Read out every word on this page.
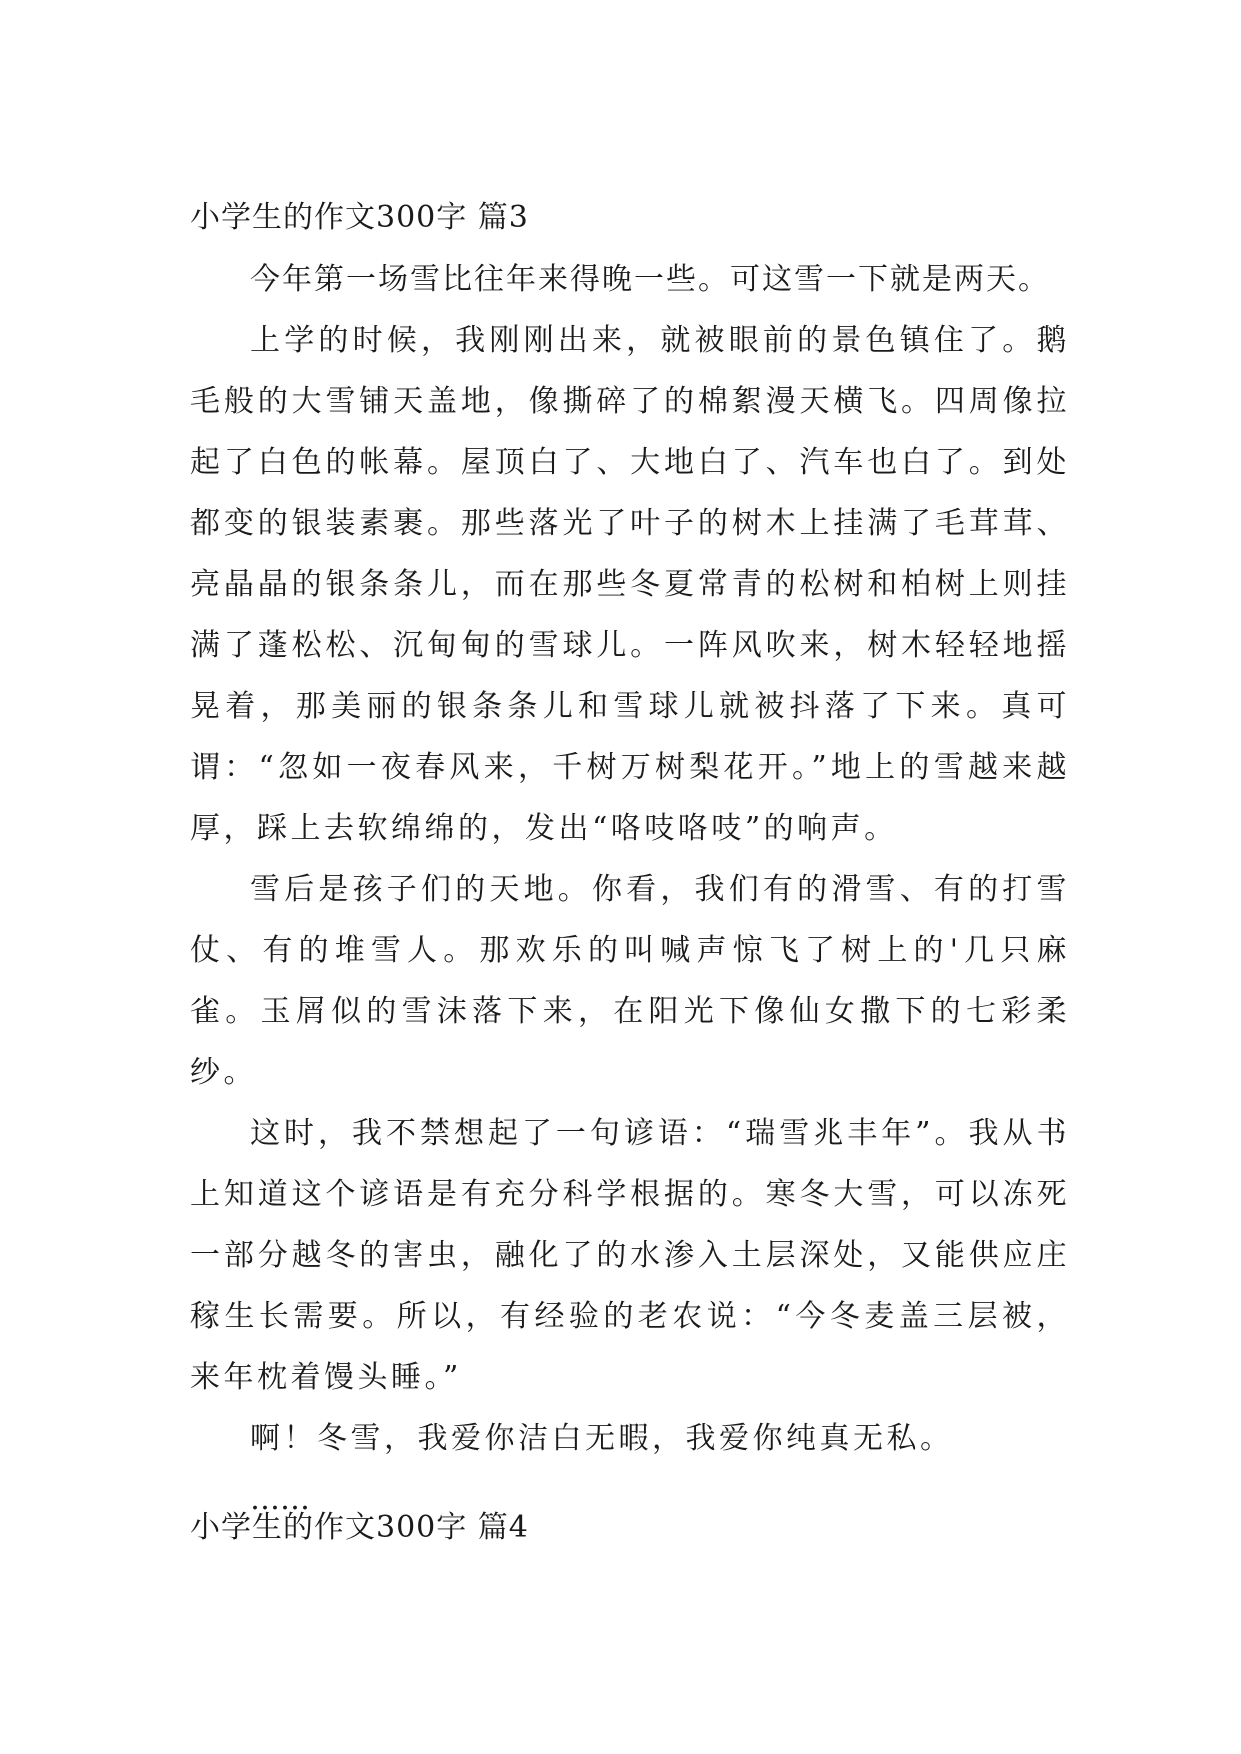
小学生的作文300字 篇3

今年第一场雪比往年来得晚一些。可这雪一下就是两天。

上学的时候，我刚刚出来，就被眼前的景色镇住了。鹅毛般的大雪铺天盖地，像撕碎了的棉絮漫天横飞。四周像拉起了白色的帐幕。屋顶白了、大地白了、汽车也白了。到处都变的银装素裹。那些落光了叶子的树木上挂满了毛茸茸、亮晶晶的银条条儿，而在那些冬夏常青的松树和柏树上则挂满了蓬松松、沉甸甸的雪球儿。一阵风吹来，树木轻轻地摇晃着，那美丽的银条条儿和雪球儿就被抖落了下来。真可谓：“忽如一夜春风来，千树万树梨花开。”地上的雪越来越厚，踩上去软绵绵的，发出“咯吱咯吱”的响声。

雪后是孩子们的天地。你看，我们有的滑雪、有的打雪仗、有的堆雪人。那欢乐的叫喊声惊飞了树上的'几只麻雀。玉屑似的雪沫落下来，在阳光下像仙女撒下的七彩柔纱。

这时，我不禁想起了一句谚语：“瑞雪兆丰年”。我从书上知道这个谚语是有充分科学根据的。寒冬大雪，可以冻死一部分越冬的害虫，融化了的水渗入土层深处，又能供应庄稼生长需要。所以，有经验的老农说：“今冬麦盖三层被，来年枕着馒头睡。”

啊！冬雪，我爱你洁白无暇，我爱你纯真无私。

……

小学生的作文300字 篇4
